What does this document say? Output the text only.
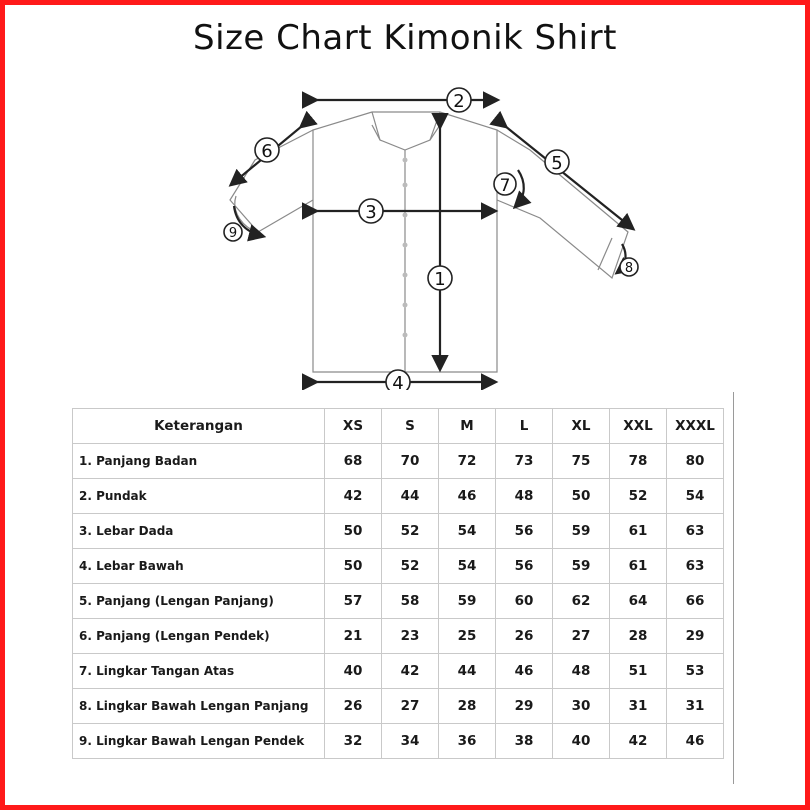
Size Chart Kimonik Shirt
1
2
3
4
5
6
7
8
9
Keterangan	XS	S	M	L	XL	XXL	XXXL
1. Panjang Badan	68	70	72	73	75	78	80
2. Pundak	42	44	46	48	50	52	54
3. Lebar Dada	50	52	54	56	59	61	63
4. Lebar Bawah	50	52	54	56	59	61	63
5. Panjang (Lengan Panjang)	57	58	59	60	62	64	66
6. Panjang (Lengan Pendek)	21	23	25	26	27	28	29
7. Lingkar Tangan Atas	40	42	44	46	48	51	53
8. Lingkar Bawah Lengan Panjang	26	27	28	29	30	31	31
9. Lingkar Bawah Lengan Pendek	32	34	36	38	40	42	46
